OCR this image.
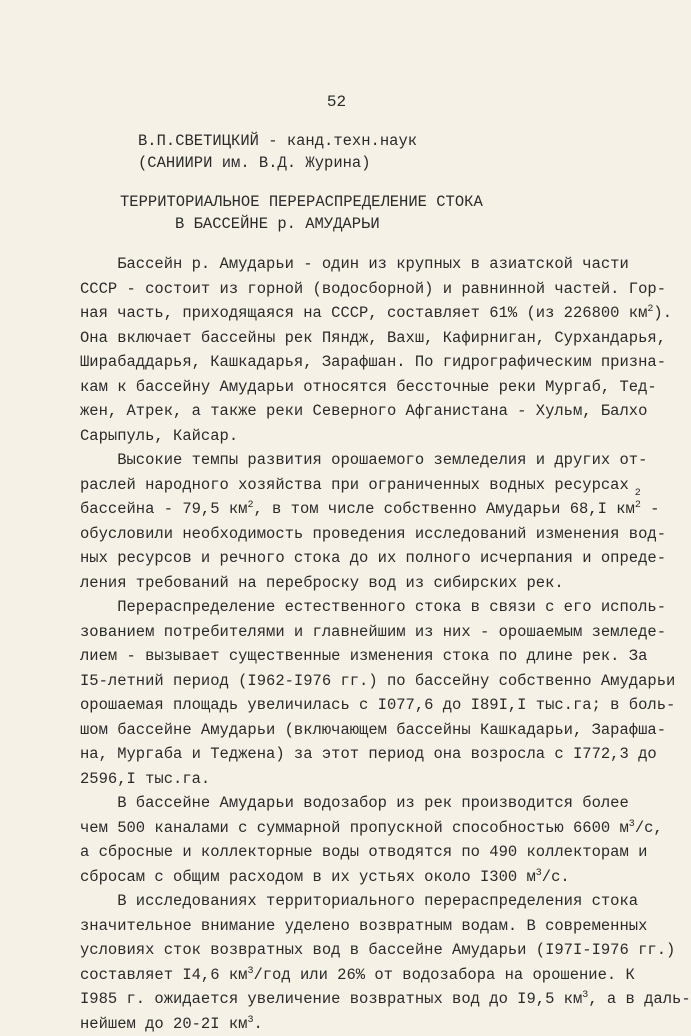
52
В.П.СВЕТИЦКИЙ - канд.техн.наук
(САНИИРИ им. В.Д. Журина)
ТЕРРИТОРИАЛЬНОЕ ПЕРЕРАСПРЕДЕЛЕНИЕ СТОКА
В БАССЕЙНЕ р. АМУДАРЬИ
Бассейн р. Амударьи - один из крупных в азиатской части
СССР - состоит из горной (водосборной) и равнинной частей. Гор-
ная часть, приходящаяся на СССР, составляет 61% (из 226800 $км^2$).
Она включает бассейны рек Пяндж, Вахш, Кафирниган, Сурхандарья,
Ширабаддарья, Кашкадарья, Зарафшан. По гидрографическим призна-
кам к бассейну Амударьи относятся бессточные реки Мургаб, Тед-
жен, Атрек, а также реки Северного Афганистана - Хульм, Балхо
Сарыпуль, Кайсар.
Высокие темпы развития орошаемого земледелия и других от-
раслей народного хозяйства при ограниченных водных ресурсах $^2$
бассейна - 79,5 $км^2$, в том числе собственно Амударьи 68,I $км^2$ -
обусловили необходимость проведения исследований изменения вод-
ных ресурсов и речного стока до их полного исчерпания и опреде-
ления требований на переброску вод из сибирских рек.
Перераспределение естественного стока в связи с его исполь-
зованием потребителями и главнейшим из них - орошаемым земледе-
лием - вызывает существенные изменения стока по длине рек. За
I5-летний период (I962-I976 гг.) по бассейну собственно Амударьи
орошаемая площадь увеличилась с I077,6 до I89I,I тыс.га; в боль-
шом бассейне Амударьи (включающем бассейны Кашкадарьи, Зарафша-
на, Мургаба и Теджена) за этот период она возросла с I772,3 до
2596,I тыс.га.
В бассейне Амударьи водозабор из рек производится более
чем 500 каналами с суммарной пропускной способностью 6600 $м^3/с$,
а сбросные и коллекторные воды отводятся по 490 коллекторам и
сбросам с общим расходом в их устьях около I300 $м^3/с$.
В исследованиях территориального перераспределения стока
значительное внимание уделено возвратным водам. В современных
условиях сток возвратных вод в бассейне Амударьи (I97I-I976 гг.)
составляет I4,6 $км^3$/год или 26% от водозабора на орошение. К
I985 г. ожидается увеличение возвратных вод до I9,5 $км^3$, а в даль-
нейшем до 20-2I $км^3$.
